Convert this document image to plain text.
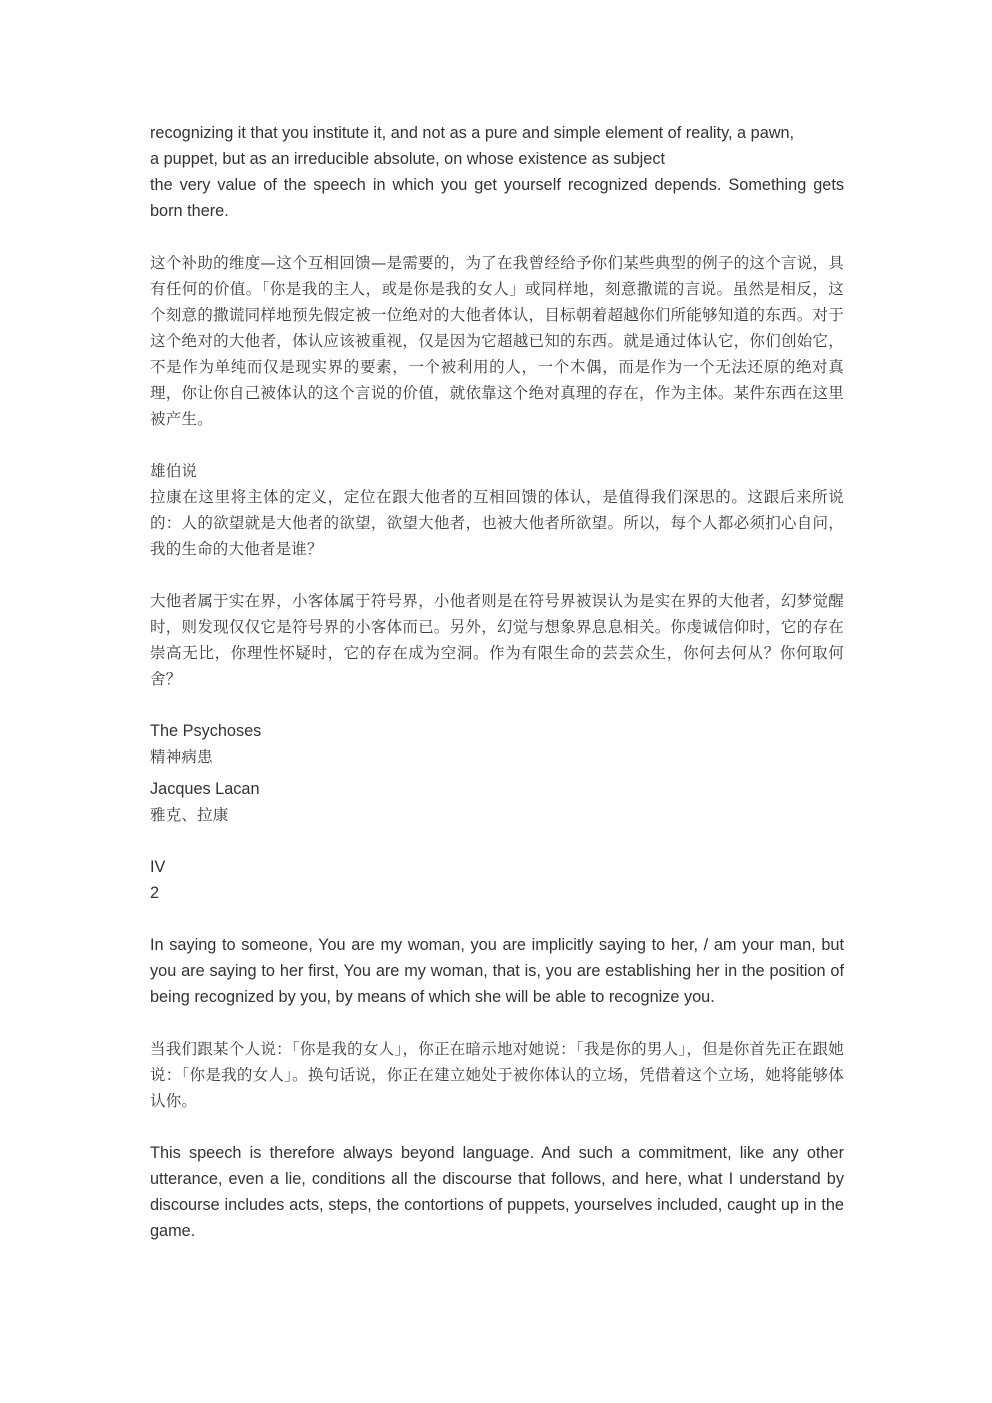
recognizing it that you institute it, and not as a pure and simple element of reality, a pawn,

a puppet, but as an irreducible absolute, on whose existence as subject

the very value of the speech in which you get yourself recognized depends. Something gets born there.

这个补助的维度—这个互相回馈—是需要的，为了在我曾经给予你们某些典型的例子的这个言说，具有任何的价值。「你是我的主人，或是你是我的女人」或同样地，刻意撒谎的言说。虽然是相反，这个刻意的撒谎同样地预先假定被一位绝对的大他者体认，目标朝着超越你们所能够知道的东西。对于这个绝对的大他者，体认应该被重视，仅是因为它超越已知的东西。就是通过体认它，你们创始它，不是作为单纯而仅是现实界的要素，一个被利用的人，一个木偶，而是作为一个无法还原的绝对真理，你让你自己被体认的这个言说的价值，就依靠这个绝对真理的存在，作为主体。某件东西在这里被产生。

雄伯说

拉康在这里将主体的定义，定位在跟大他者的互相回馈的体认，是值得我们深思的。这跟后来所说的：人的欲望就是大他者的欲望，欲望大他者，也被大他者所欲望。所以，每个人都必须扪心自问，我的生命的大他者是谁？

大他者属于实在界，小客体属于符号界，小他者则是在符号界被误认为是实在界的大他者，幻梦觉醒时，则发现仅仅它是符号界的小客体而已。另外，幻觉与想象界息息相关。你虔诚信仰时，它的存在崇高无比，你理性怀疑时，它的存在成为空洞。作为有限生命的芸芸众生，你何去何从？你何取何舍？

The Psychoses

精神病患

Jacques Lacan

雅克、拉康

IV

2

In saying to someone, You are my woman, you are implicitly saying to her, / am your man, but you are saying to her first, You are my woman, that is, you are establishing her in the position of being recognized by you, by means of which she will be able to recognize you.

当我们跟某个人说：「你是我的女人」，你正在暗示地对她说：「我是你的男人」，但是你首先正在跟她说：「你是我的女人」。换句话说，你正在建立她处于被你体认的立场，凭借着这个立场，她将能够体认你。

This speech is therefore always beyond language. And such a commitment, like any other utterance, even a lie, conditions all the discourse that follows, and here, what I understand by discourse includes acts, steps, the contortions of puppets, yourselves included, caught up in the game.
